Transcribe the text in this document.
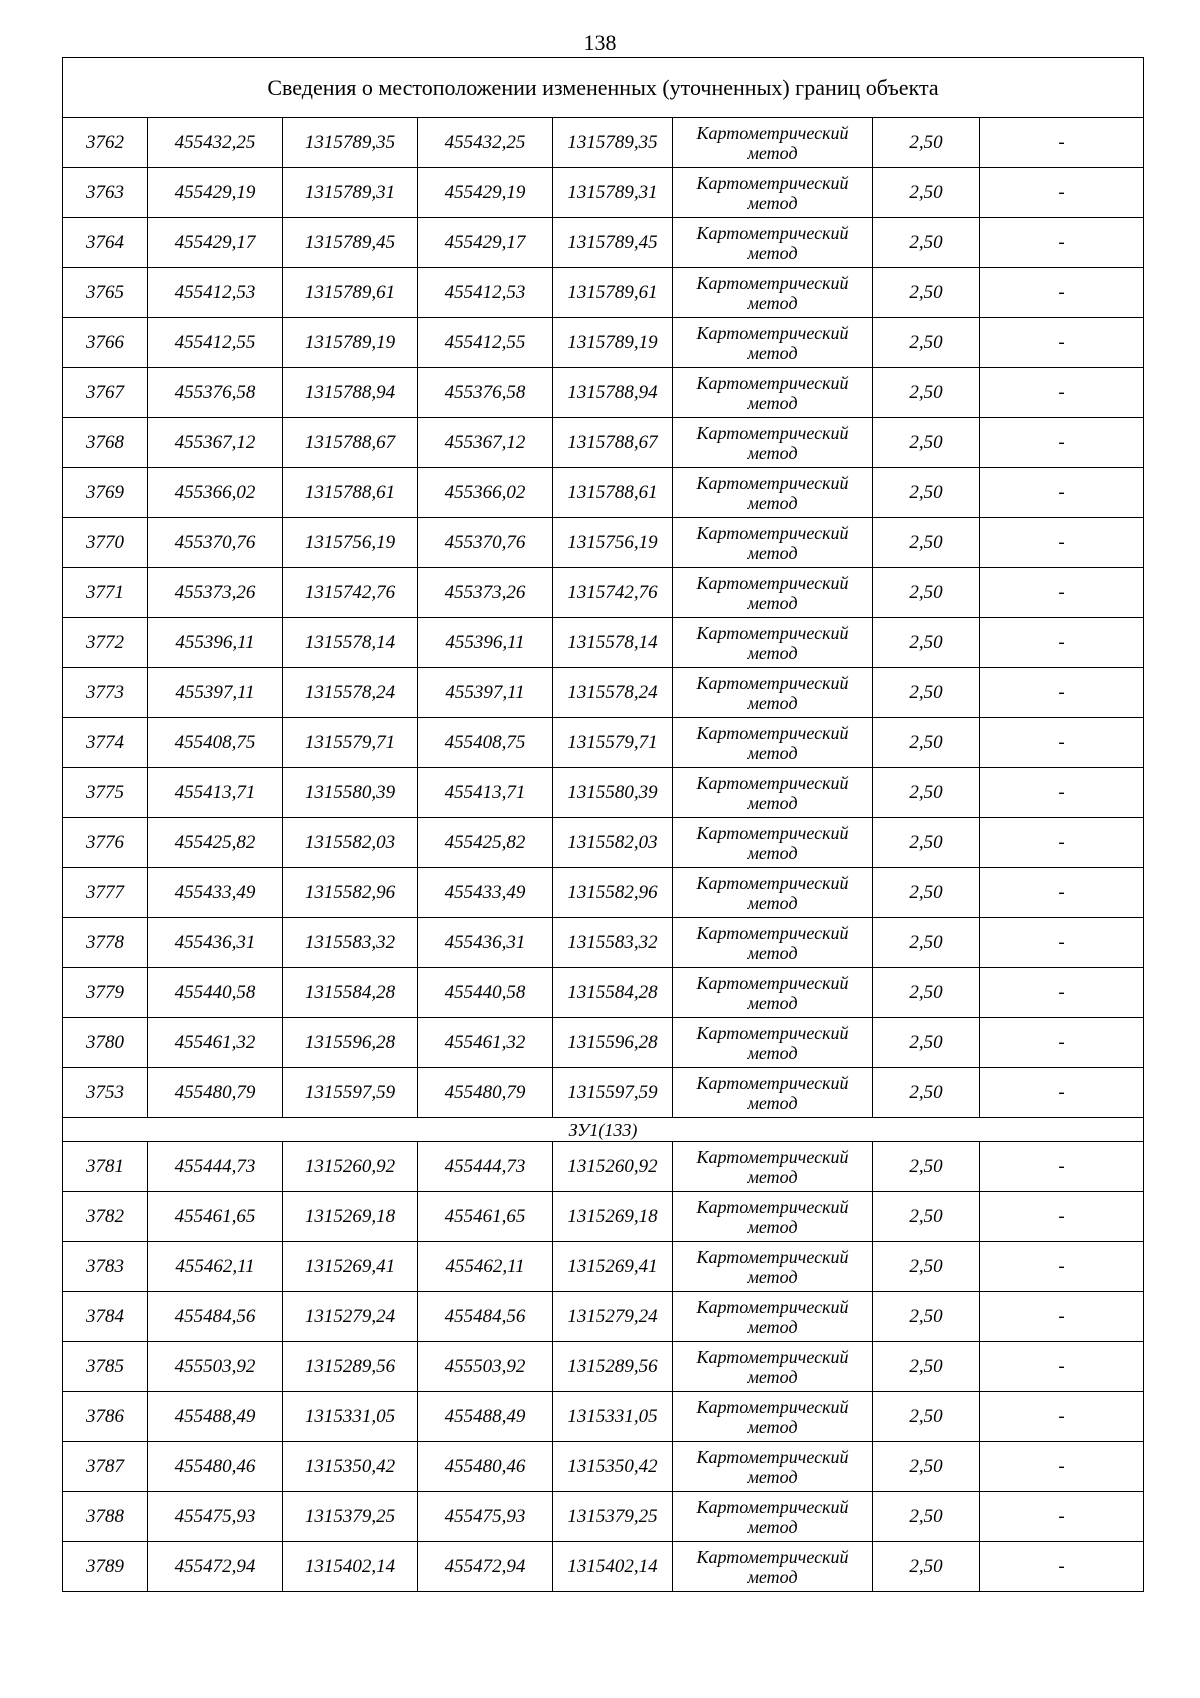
138
Сведения о местоположении измененных (уточненных) границ объекта							
3762	455432,25	1315789,35	455432,25	1315789,35	Картометрический метод	2,50	-
3763	455429,19	1315789,31	455429,19	1315789,31	Картометрический метод	2,50	-
3764	455429,17	1315789,45	455429,17	1315789,45	Картометрический метод	2,50	-
3765	455412,53	1315789,61	455412,53	1315789,61	Картометрический метод	2,50	-
3766	455412,55	1315789,19	455412,55	1315789,19	Картометрический метод	2,50	-
3767	455376,58	1315788,94	455376,58	1315788,94	Картометрический метод	2,50	-
3768	455367,12	1315788,67	455367,12	1315788,67	Картометрический метод	2,50	-
3769	455366,02	1315788,61	455366,02	1315788,61	Картометрический метод	2,50	-
3770	455370,76	1315756,19	455370,76	1315756,19	Картометрический метод	2,50	-
3771	455373,26	1315742,76	455373,26	1315742,76	Картометрический метод	2,50	-
3772	455396,11	1315578,14	455396,11	1315578,14	Картометрический метод	2,50	-
3773	455397,11	1315578,24	455397,11	1315578,24	Картометрический метод	2,50	-
3774	455408,75	1315579,71	455408,75	1315579,71	Картометрический метод	2,50	-
3775	455413,71	1315580,39	455413,71	1315580,39	Картометрический метод	2,50	-
3776	455425,82	1315582,03	455425,82	1315582,03	Картометрический метод	2,50	-
3777	455433,49	1315582,96	455433,49	1315582,96	Картометрический метод	2,50	-
3778	455436,31	1315583,32	455436,31	1315583,32	Картометрический метод	2,50	-
3779	455440,58	1315584,28	455440,58	1315584,28	Картометрический метод	2,50	-
3780	455461,32	1315596,28	455461,32	1315596,28	Картометрический метод	2,50	-
3753	455480,79	1315597,59	455480,79	1315597,59	Картометрический метод	2,50	-
ЗУ1(133)							
3781	455444,73	1315260,92	455444,73	1315260,92	Картометрический метод	2,50	-
3782	455461,65	1315269,18	455461,65	1315269,18	Картометрический метод	2,50	-
3783	455462,11	1315269,41	455462,11	1315269,41	Картометрический метод	2,50	-
3784	455484,56	1315279,24	455484,56	1315279,24	Картометрический метод	2,50	-
3785	455503,92	1315289,56	455503,92	1315289,56	Картометрический метод	2,50	-
3786	455488,49	1315331,05	455488,49	1315331,05	Картометрический метод	2,50	-
3787	455480,46	1315350,42	455480,46	1315350,42	Картометрический метод	2,50	-
3788	455475,93	1315379,25	455475,93	1315379,25	Картометрический метод	2,50	-
3789	455472,94	1315402,14	455472,94	1315402,14	Картометрический метод	2,50	-
